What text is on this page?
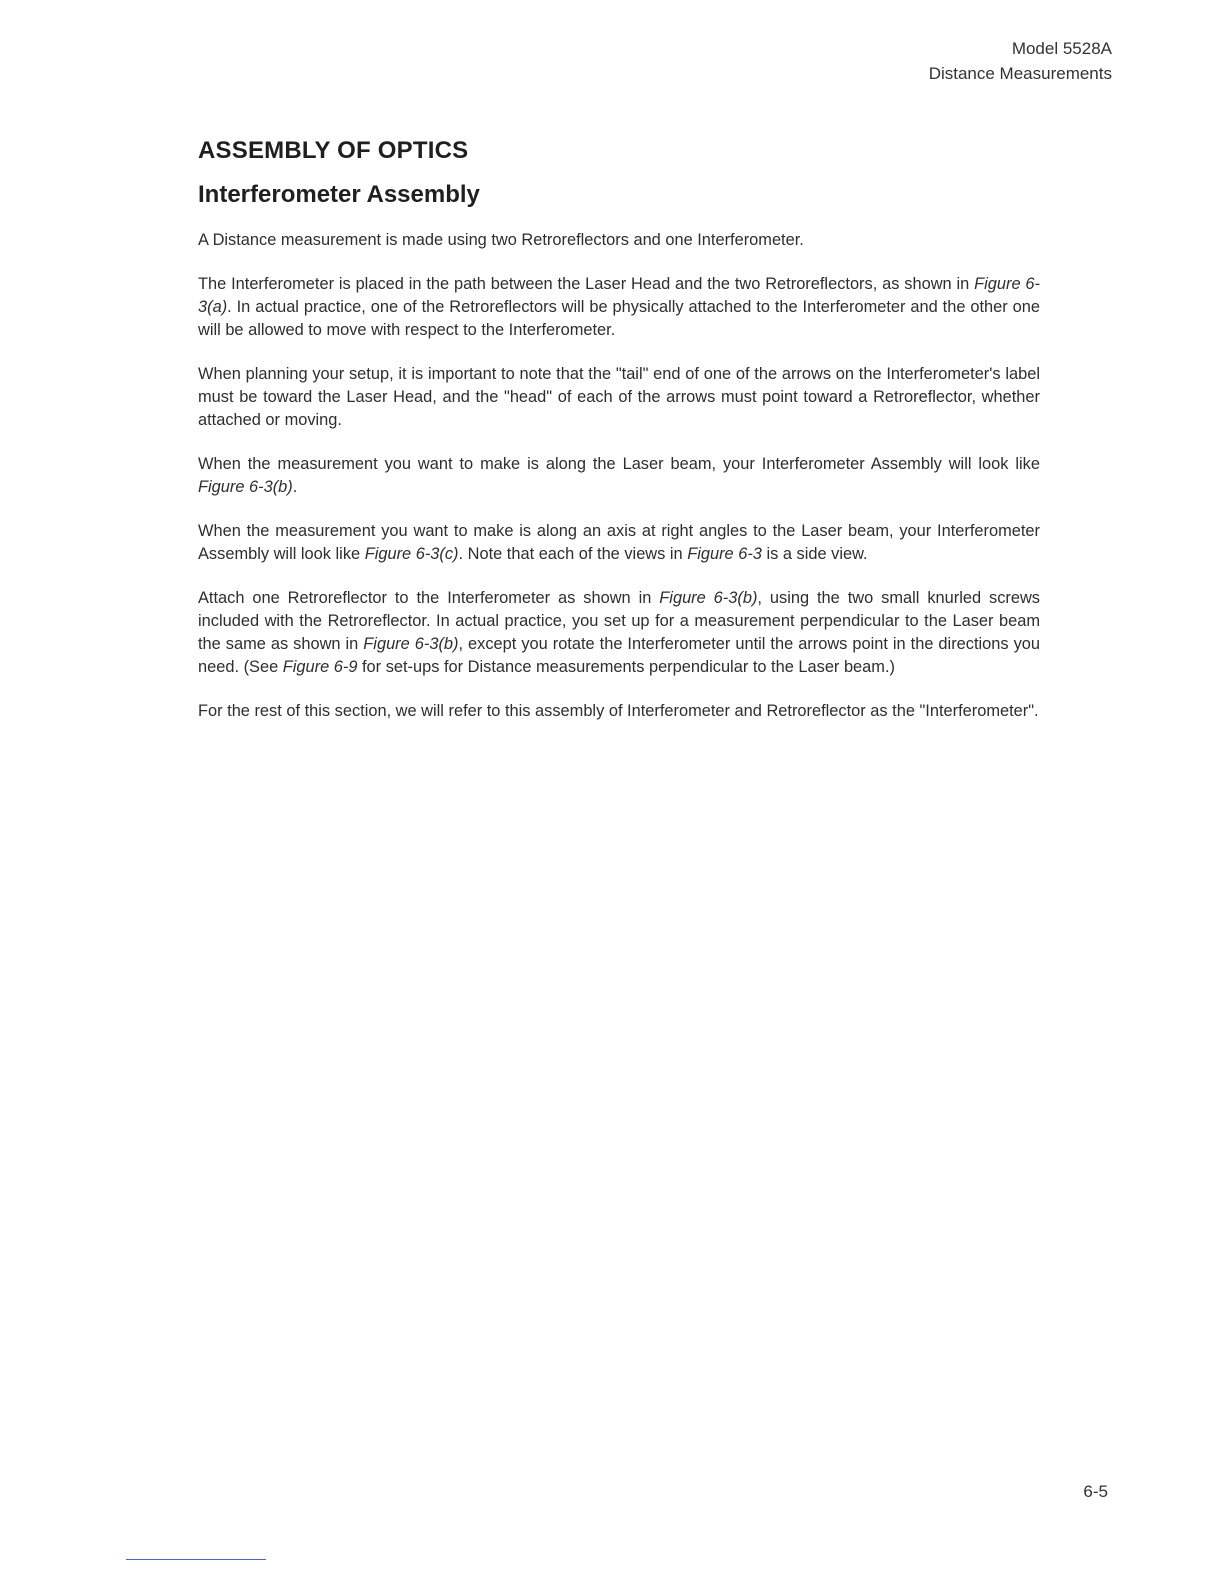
Model 5528A
Distance Measurements
ASSEMBLY OF OPTICS
Interferometer Assembly

A Distance measurement is made using two Retroreflectors and one Interferometer.

The Interferometer is placed in the path between the Laser Head and the two Retroreflectors, as shown in Figure 6-3(a). In actual practice, one of the Retroreflectors will be physically attached to the Interferometer and the other one will be allowed to move with respect to the Interferometer.

When planning your setup, it is important to note that the "tail" end of one of the arrows on the Interferometer's label must be toward the Laser Head, and the "head" of each of the arrows must point toward a Retroreflector, whether attached or moving.

When the measurement you want to make is along the Laser beam, your Interferometer Assembly will look like Figure 6-3(b).

When the measurement you want to make is along an axis at right angles to the Laser beam, your Interferometer Assembly will look like Figure 6-3(c). Note that each of the views in Figure 6-3 is a side view.

Attach one Retroreflector to the Interferometer as shown in Figure 6-3(b), using the two small knurled screws included with the Retroreflector. In actual practice, you set up for a measurement perpendicular to the Laser beam the same as shown in Figure 6-3(b), except you rotate the Interferometer until the arrows point in the directions you need. (See Figure 6-9 for set-ups for Distance measurements perpendicular to the Laser beam.)

For the rest of this section, we will refer to this assembly of Interferometer and Retroreflector as the "Interferometer".

6-5
